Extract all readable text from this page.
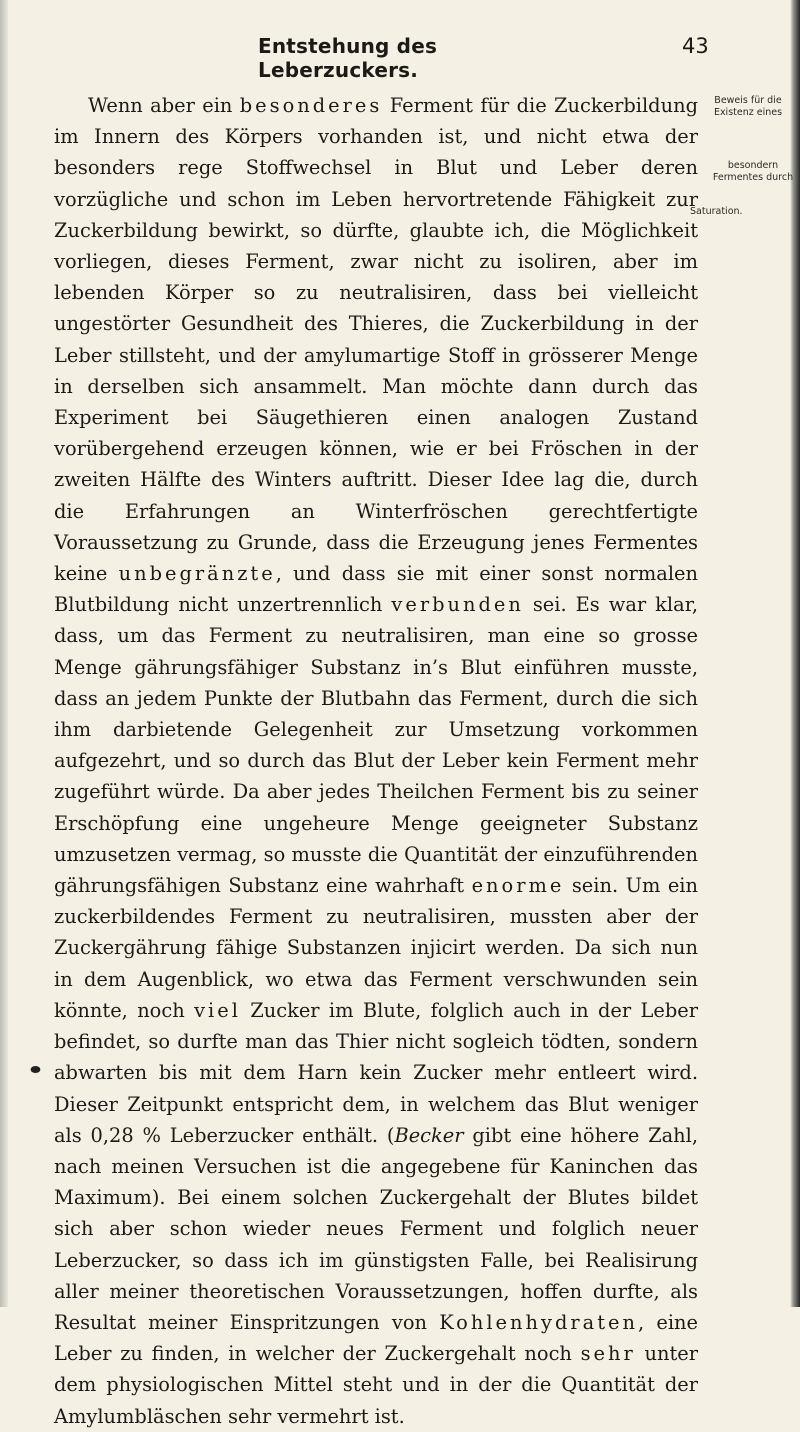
Entstehung des Leberzuckers.
43
Beweis für die Existenz eines
besondern Fermentes durch
Saturation.

Wenn aber ein besonderes Ferment für die Zuckerbildung im Innern des Körpers vorhanden ist, und nicht etwa der besonders rege Stoffwechsel in Blut und Leber deren vorzügliche und schon im Leben hervortretende Fähigkeit zur Zuckerbildung bewirkt, so dürfte, glaubte ich, die Möglichkeit vorliegen, dieses Ferment, zwar nicht zu isoliren, aber im lebenden Körper so zu neutralisiren, dass bei vielleicht ungestörter Gesundheit des Thieres, die Zuckerbildung in der Leber stillsteht, und der amylumartige Stoff in grösserer Menge in derselben sich ansammelt. Man möchte dann durch das Experiment bei Säugethieren einen analogen Zustand vorübergehend erzeugen können, wie er bei Fröschen in der zweiten Hälfte des Winters auftritt. Dieser Idee lag die, durch die Erfahrungen an Winterfröschen gerechtfertigte Voraussetzung zu Grunde, dass die Erzeugung jenes Fermentes keine unbegränzte, und dass sie mit einer sonst normalen Blutbildung nicht unzertrennlich verbunden sei. Es war klar, dass, um das Ferment zu neutralisiren, man eine so grosse Menge gährungsfähiger Substanz in’s Blut einführen musste, dass an jedem Punkte der Blutbahn das Ferment, durch die sich ihm darbietende Gelegenheit zur Umsetzung vorkommen aufgezehrt, und so durch das Blut der Leber kein Ferment mehr zugeführt würde. Da aber jedes Theilchen Ferment bis zu seiner Erschöpfung eine ungeheure Menge geeigneter Substanz umzusetzen vermag, so musste die Quantität der einzuführenden gährungsfähigen Substanz eine wahrhaft enorme sein. Um ein zuckerbildendes Ferment zu neutralisiren, mussten aber der Zuckergährung fähige Substanzen injicirt werden. Da sich nun in dem Augenblick, wo etwa das Ferment verschwunden sein könnte, noch viel Zucker im Blute, folglich auch in der Leber befindet, so durfte man das Thier nicht sogleich tödten, sondern abwarten bis mit dem Harn kein Zucker mehr entleert wird. Dieser Zeitpunkt entspricht dem, in welchem das Blut weniger als 0,28 % Leberzucker enthält. (Becker gibt eine höhere Zahl, nach meinen Versuchen ist die angegebene für Kaninchen das Maximum). Bei einem solchen Zuckergehalt der Blutes bildet sich aber schon wieder neues Ferment und folglich neuer Leberzucker, so dass ich im günstigsten Falle, bei Realisirung aller meiner theoretischen Voraussetzungen, hoffen durfte, als Resultat meiner Einspritzungen von Kohlenhydraten, eine Leber zu finden, in welcher der Zuckergehalt noch sehr unter dem physiologischen Mittel steht und in der die Quantität der Amylumbläschen sehr vermehrt ist.
